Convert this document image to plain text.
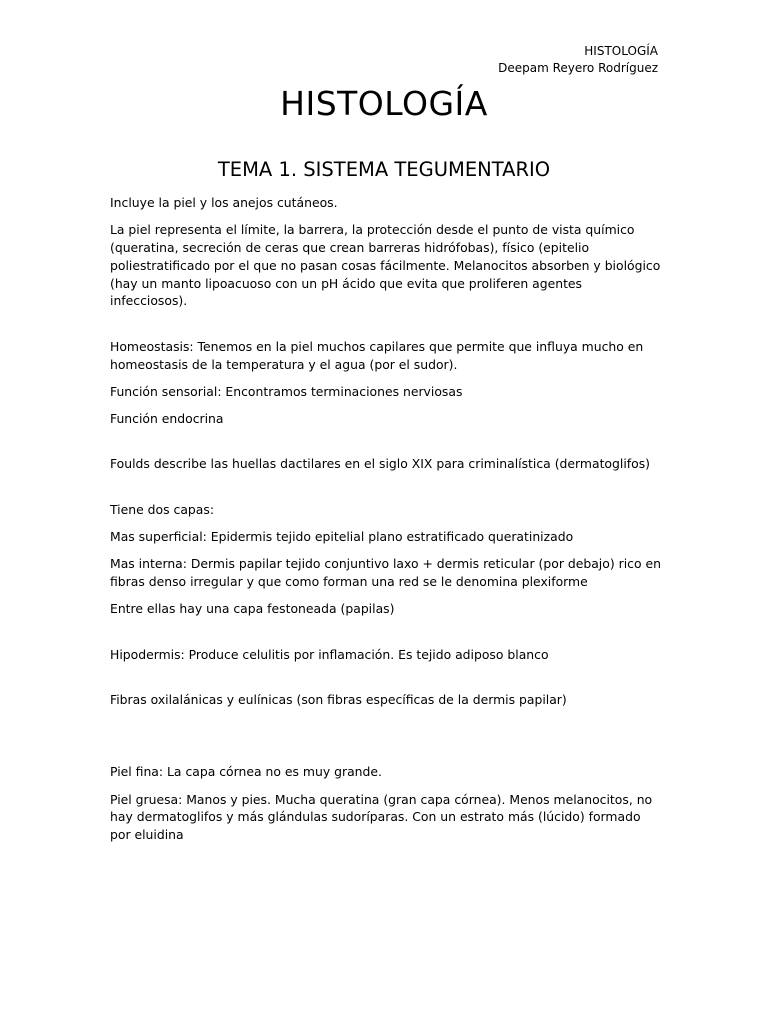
HISTOLOGÍA
Deepam Reyero Rodríguez
HISTOLOGÍA
TEMA 1. SISTEMA TEGUMENTARIO

Incluye la piel y los anejos cutáneos.

La piel representa el límite, la barrera, la protección desde el punto de vista químico (queratina, secreción de ceras que crean barreras hidrófobas), físico (epitelio poliestratificado por el que no pasan cosas fácilmente. Melanocitos absorben y biológico (hay un manto lipoacuoso con un pH ácido que evita que proliferen agentes infecciosos).

Homeostasis: Tenemos en la piel muchos capilares que permite que influya mucho en homeostasis de la temperatura y el agua (por el sudor).

Función sensorial: Encontramos terminaciones nerviosas

Función endocrina

Foulds describe las huellas dactilares en el siglo XIX para criminalística (dermatoglifos)

Tiene dos capas:

Mas superficial: Epidermis tejido epitelial plano estratificado queratinizado

Mas interna: Dermis papilar tejido conjuntivo laxo + dermis reticular (por debajo) rico en fibras denso irregular y que como forman una red se le denomina plexiforme

Entre ellas hay una capa festoneada (papilas)

Hipodermis: Produce celulitis por inflamación. Es tejido adiposo blanco

Fibras oxilalánicas y eulínicas (son fibras específicas de la dermis papilar)

Piel fina: La capa córnea no es muy grande.

Piel gruesa: Manos y pies. Mucha queratina (gran capa córnea). Menos melanocitos, no hay dermatoglifos y más glándulas sudoríparas. Con un estrato más (lúcido) formado por eluidina
